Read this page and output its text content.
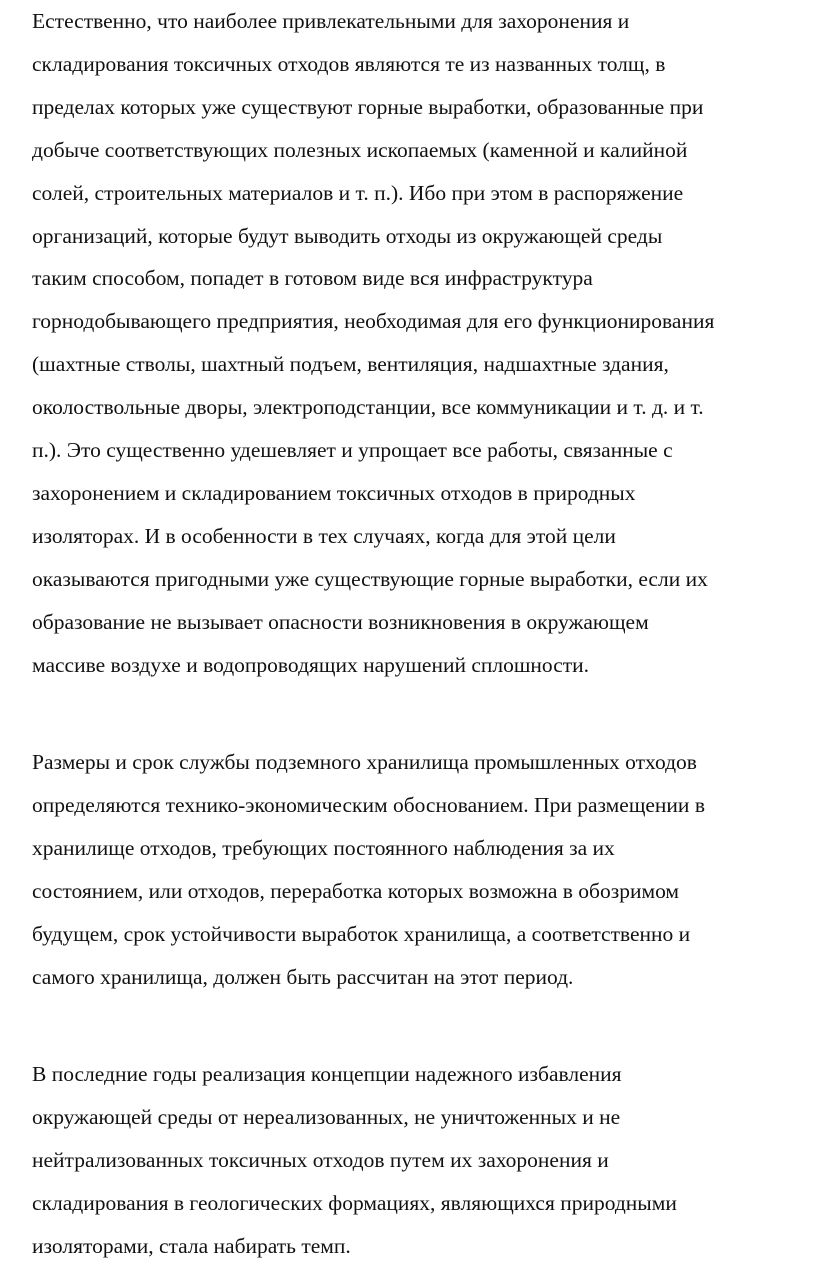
Естественно, что наиболее привлекательными для захоронения и
складирования токсичных отходов являются те из названных толщ, в
пределах которых уже существуют горные выработки, образованные при
добыче соответствующих полезных ископаемых (каменной и калийной
солей, строительных материалов и т. п.). Ибо при этом в распоряжение
организаций, которые будут выводить отходы из окружающей среды
таким способом, попадет в готовом виде вся инфраструктура
горнодобывающего предприятия, необходимая для его функционирования
(шахтные стволы, шахтный подъем, вентиляция, надшахтные здания,
околоствольные дворы, электроподстанции, все коммуникации и т. д. и т.
п.). Это существенно удешевляет и упрощает все работы, связанные с
захоронением и складированием токсичных отходов в природных
изоляторах. И в особенности в тех случаях, когда для этой цели
оказываются пригодными уже существующие горные выработки, если их
образование не вызывает опасности возникновения в окружающем
массиве воздухе и водопроводящих нарушений сплошности.
Размеры и срок службы подземного хранилища промышленных отходов
определяются технико-экономическим обоснованием. При размещении в
хранилище отходов, требующих постоянного наблюдения за их
состоянием, или отходов, переработка которых возможна в обозримом
будущем, срок устойчивости выработок хранилища, а соответственно и
самого хранилища, должен быть рассчитан на этот период.
В последние годы реализация концепции надежного избавления
окружающей среды от нереализованных, не уничтоженных и не
нейтрализованных токсичных отходов путем их захоронения и
складирования в геологических формациях, являющихся природными
изоляторами, стала набирать темп.
